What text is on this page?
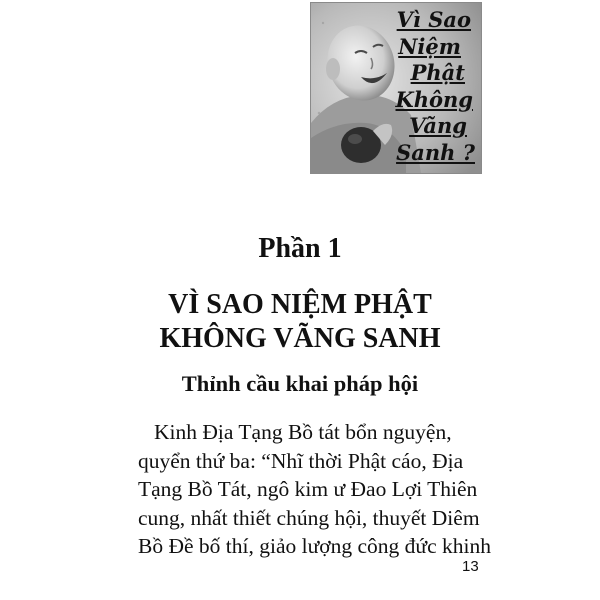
Vì Sao
Niệm
Phật
Không
Vãng
Sanh ?
Phần 1
VÌ SAO NIỆM PHẬT
KHÔNG VÃNG SANH
Thỉnh cầu khai pháp hội
Kinh Địa Tạng Bồ tát bổn nguyện,
quyển thứ ba: “Nhĩ thời Phật cáo, Địa
Tạng Bồ Tát, ngô kim ư Đao Lợi Thiên
cung, nhất thiết chúng hội, thuyết Diêm
Bồ Đề bố thí, giảo lượng công đức khinh
13
